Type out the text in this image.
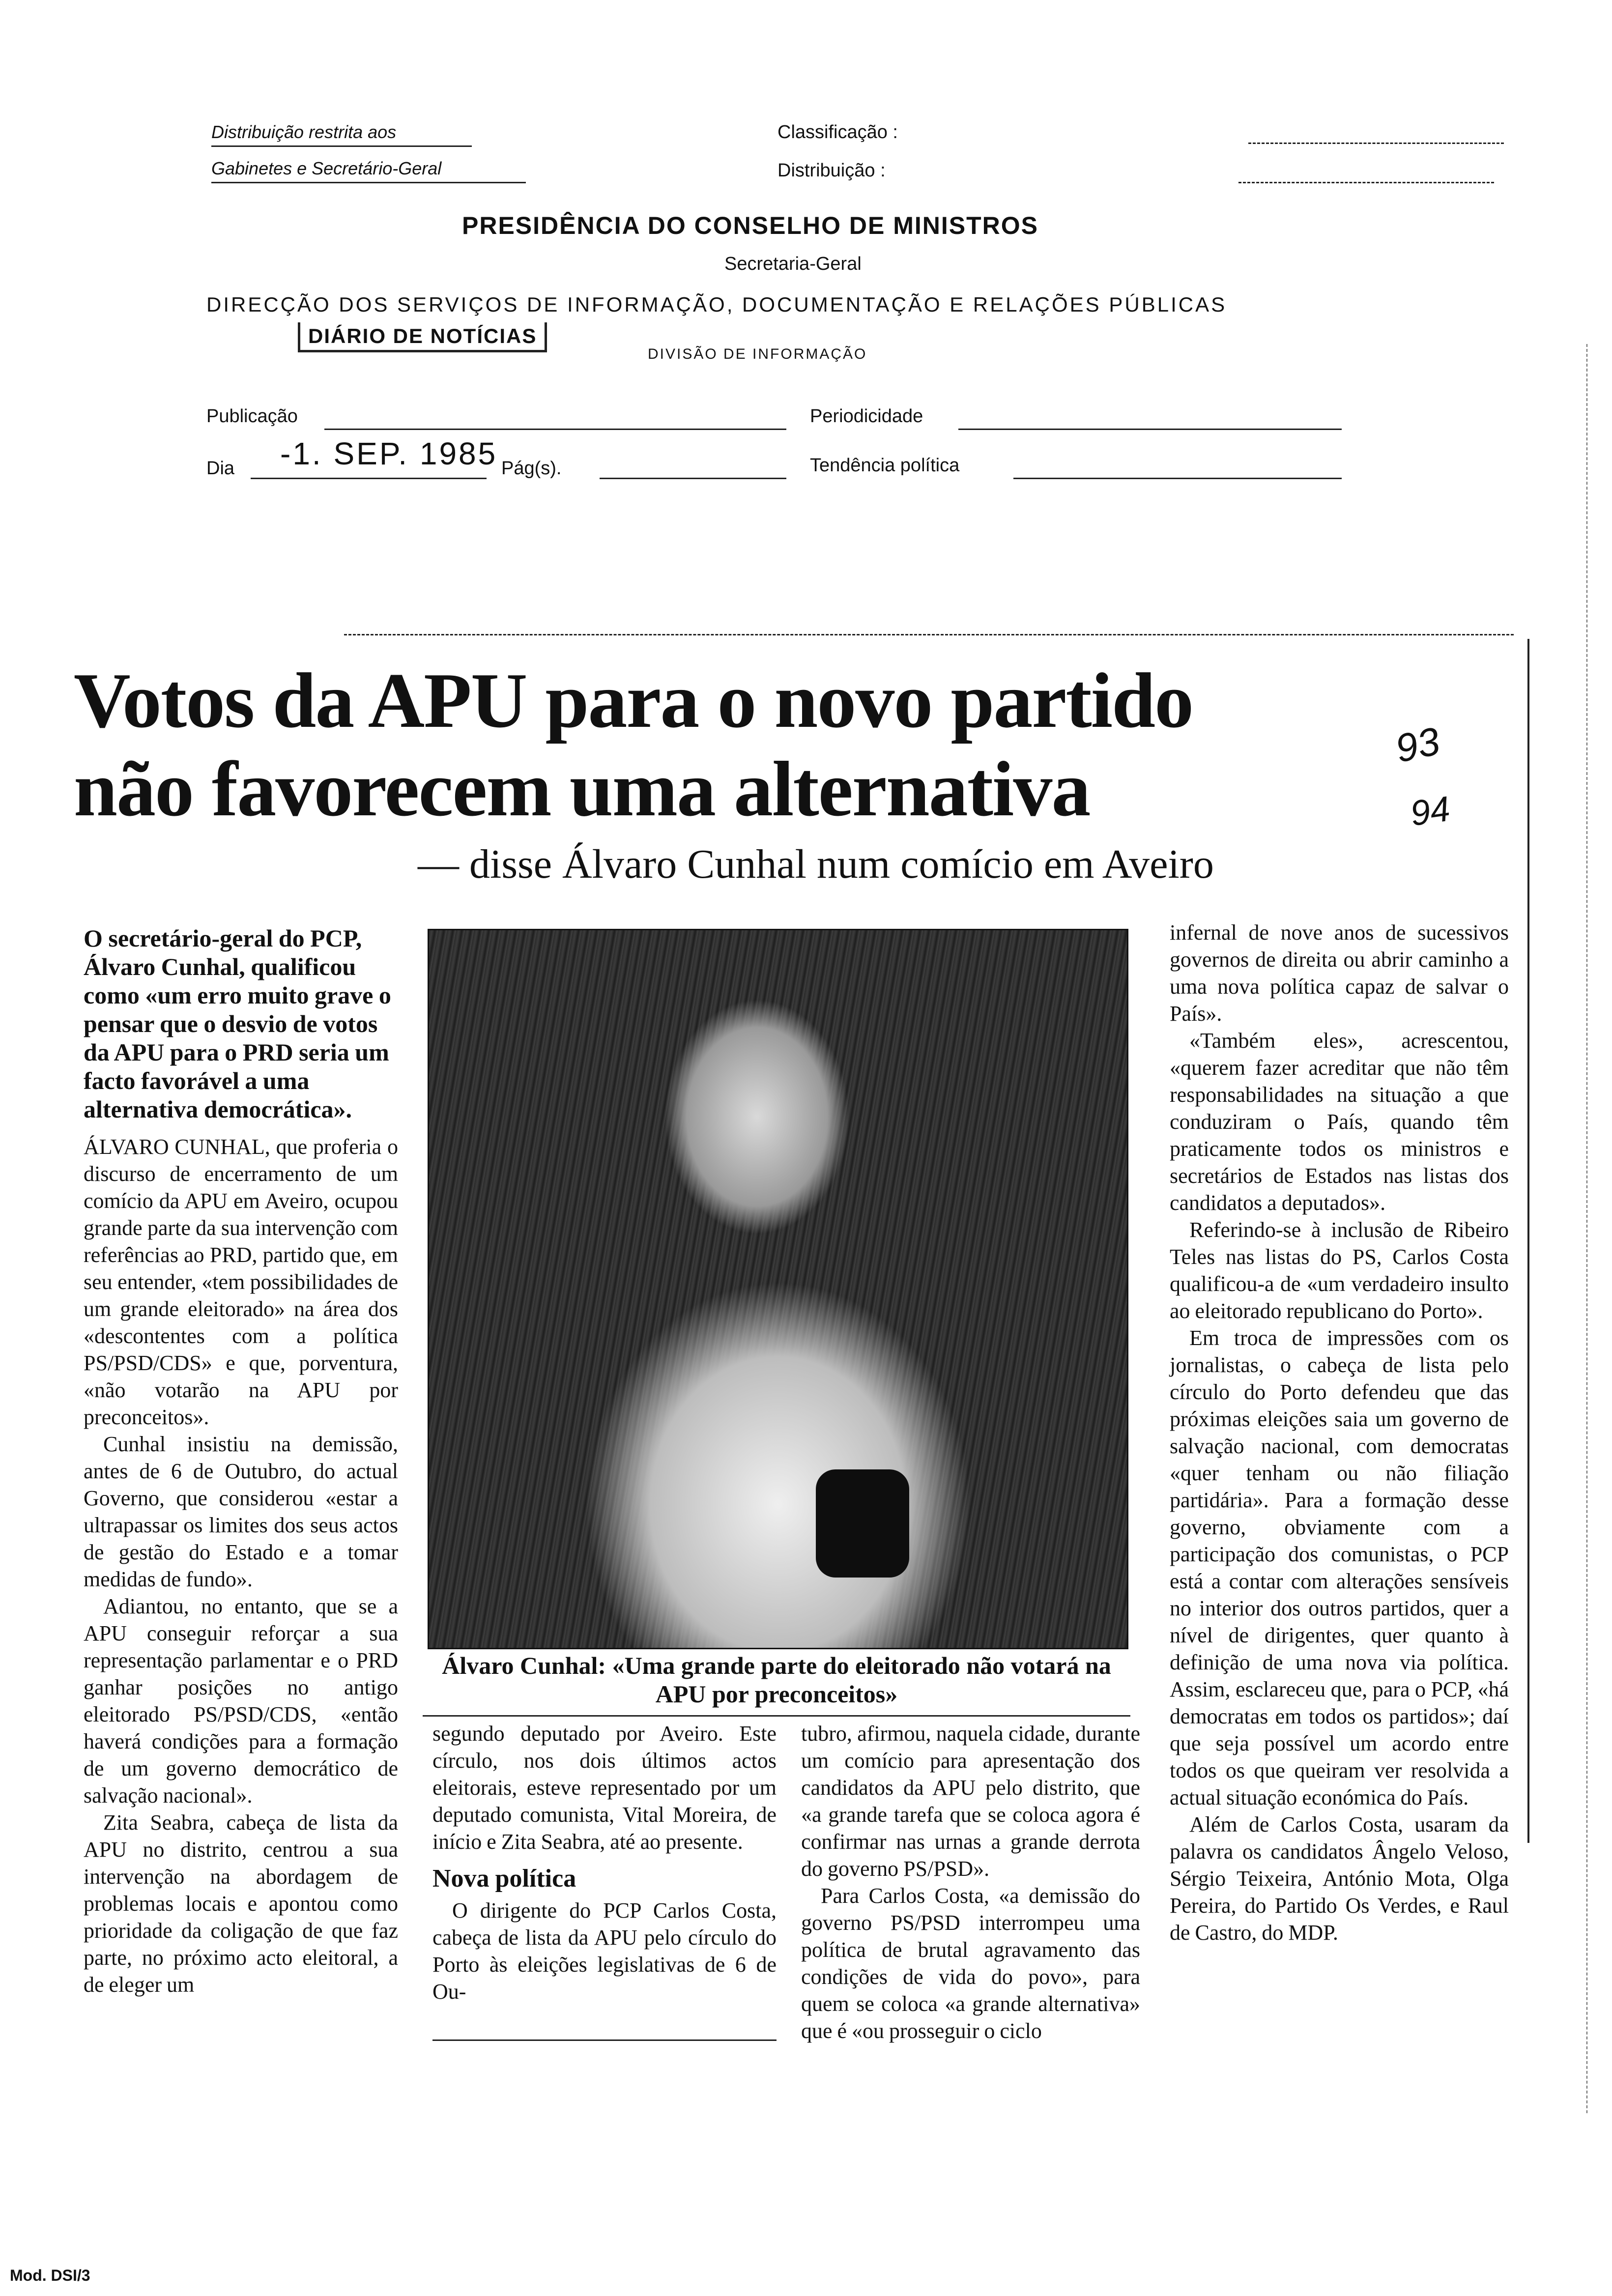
Distribuição restrita aos
Gabinetes e Secretário-Geral
Classificação :
Distribuição :
PRESIDÊNCIA DO CONSELHO DE MINISTROS
Secretaria-Geral
DIRECÇÃO DOS SERVIÇOS DE INFORMAÇÃO, DOCUMENTAÇÃO E RELAÇÕES PÚBLICAS
DIÁRIO DE NOTÍCIAS
DIVISÃO DE INFORMAÇÃO
Publicação	Periodicidade
Dia -1. SEP. 1985 Pág(s).	Tendência política
Votos da APU para o novo partido
não favorecem uma alternativa
93
94
— disse Álvaro Cunhal num comício em Aveiro

O secretário-geral do PCP, Álvaro Cunhal, qualificou como «um erro muito grave o pensar que o desvio de votos da APU para o PRD seria um facto favorável a uma alternativa democrática».

ÁLVARO CUNHAL, que proferia o discurso de encerramento de um comício da APU em Aveiro, ocupou grande parte da sua intervenção com referências ao PRD, partido que, em seu entender, «tem possibilidades de um grande eleitorado» na área dos «descontentes com a política PS/PSD/CDS» e que, porventura, «não votarão na APU por preconceitos».

Cunhal insistiu na demissão, antes de 6 de Outubro, do actual Governo, que considerou «estar a ultrapassar os limites dos seus actos de gestão do Estado e a tomar medidas de fundo».

Adiantou, no entanto, que se a APU conseguir reforçar a sua representação parlamentar e o PRD ganhar posições no antigo eleitorado PS/PSD/CDS, «então haverá condições para a formação de um governo democrático de salvação nacional».

Zita Seabra, cabeça de lista da APU no distrito, centrou a sua intervenção na abordagem de problemas locais e apontou como prioridade da coligação de que faz parte, no próximo acto eleitoral, a de eleger um

Álvaro Cunhal: «Uma grande parte do eleitorado não votará na APU por preconceitos»

segundo deputado por Aveiro. Este círculo, nos dois últimos actos eleitorais, esteve representado por um deputado comunista, Vital Moreira, de início e Zita Seabra, até ao presente.

Nova política

O dirigente do PCP Carlos Costa, cabeça de lista da APU pelo círculo do Porto às eleições legislativas de 6 de Ou-

tubro, afirmou, naquela cidade, durante um comício para apresentação dos candidatos da APU pelo distrito, que «a grande tarefa que se coloca agora é confirmar nas urnas a grande derrota do governo PS/PSD».

Para Carlos Costa, «a demissão do governo PS/PSD interrompeu uma política de brutal agravamento das condições de vida do povo», para quem se coloca «a grande alternativa» que é «ou prosseguir o ciclo

infernal de nove anos de sucessivos governos de direita ou abrir caminho a uma nova política capaz de salvar o País».

«Também eles», acrescentou, «querem fazer acreditar que não têm responsabilidades na situação a que conduziram o País, quando têm praticamente todos os ministros e secretários de Estados nas listas dos candidatos a deputados».

Referindo-se à inclusão de Ribeiro Teles nas listas do PS, Carlos Costa qualificou-a de «um verdadeiro insulto ao eleitorado republicano do Porto».

Em troca de impressões com os jornalistas, o cabeça de lista pelo círculo do Porto defendeu que das próximas eleições saia um governo de salvação nacional, com democratas «quer tenham ou não filiação partidária». Para a formação desse governo, obviamente com a participação dos comunistas, o PCP está a contar com alterações sensíveis no interior dos outros partidos, quer a nível de dirigentes, quer quanto à definição de uma nova via política. Assim, esclareceu que, para o PCP, «há democratas em todos os partidos»; daí que seja possível um acordo entre todos os que queiram ver resolvida a actual situação económica do País.

Além de Carlos Costa, usaram da palavra os candidatos Ângelo Veloso, Sérgio Teixeira, António Mota, Olga Pereira, do Partido Os Verdes, e Raul de Castro, do MDP.

Mod. DSI/3
